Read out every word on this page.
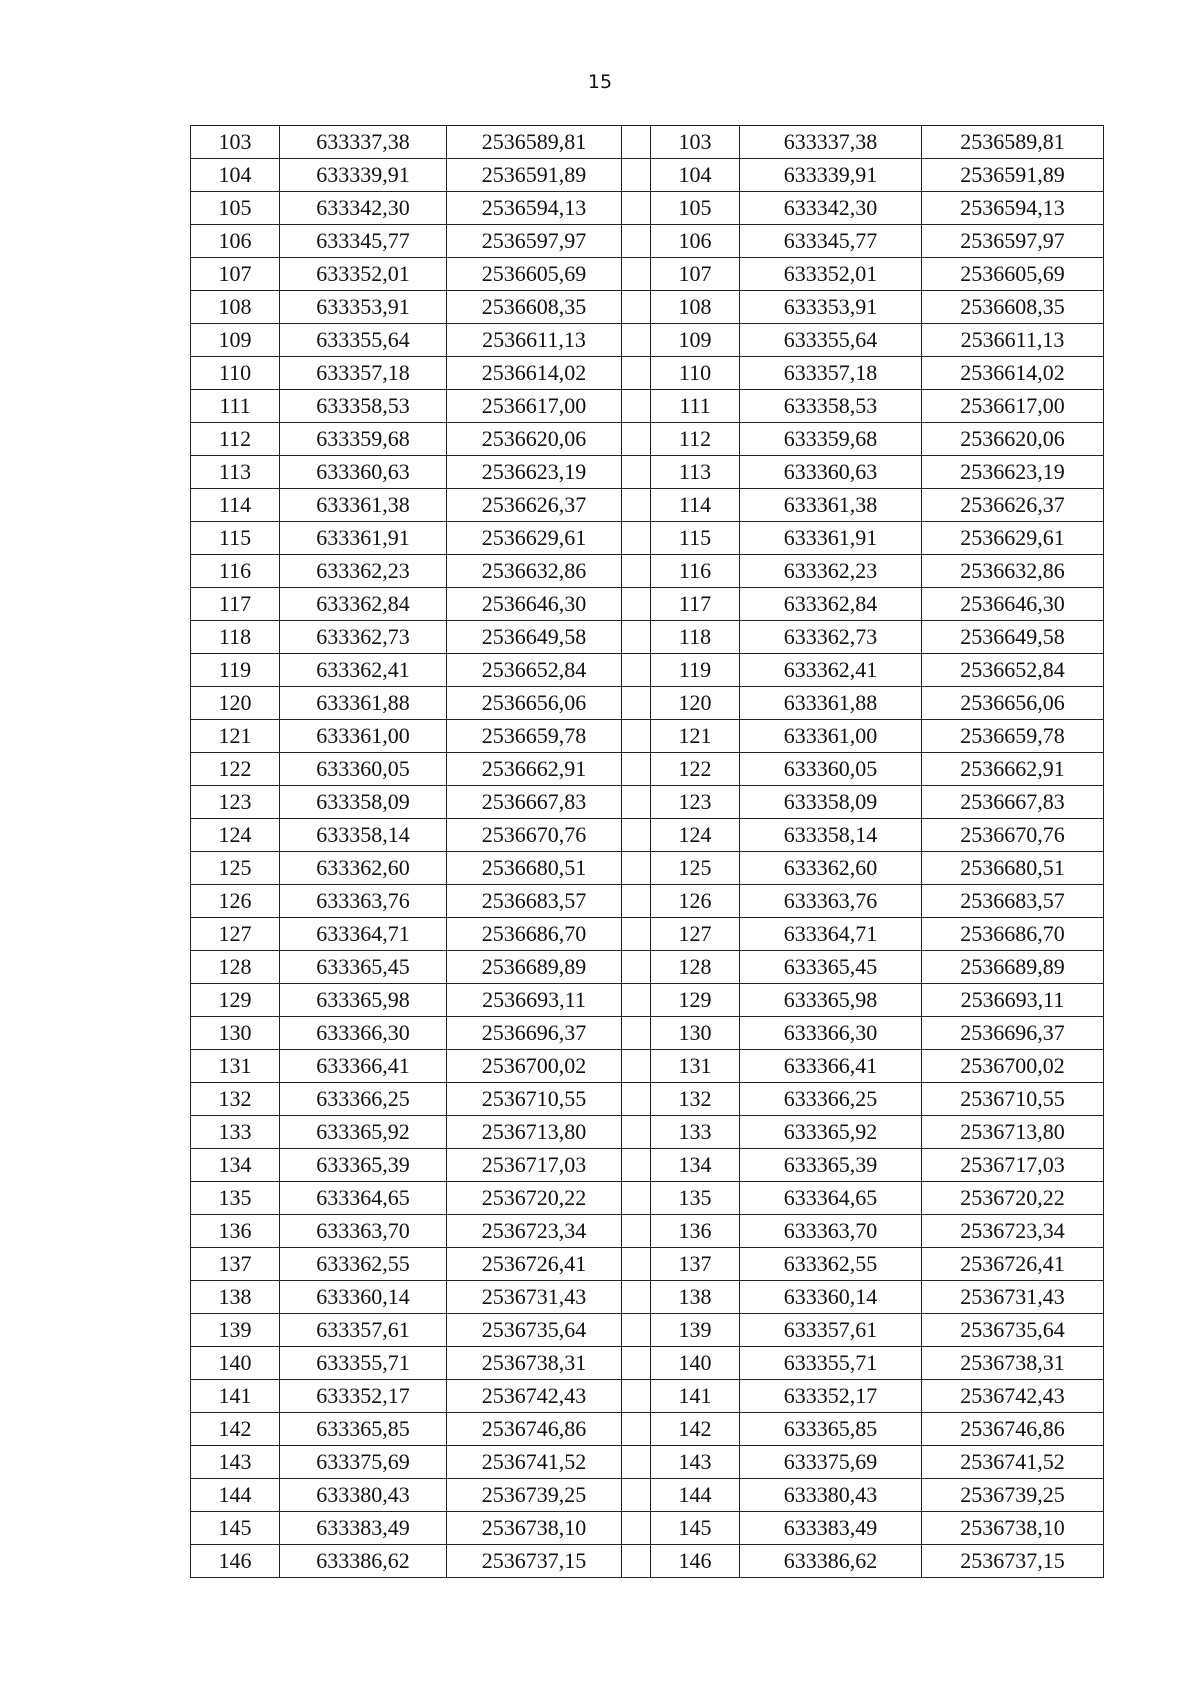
15
103	633337,38	2536589,81		103	633337,38	2536589,81
104	633339,91	2536591,89		104	633339,91	2536591,89
105	633342,30	2536594,13		105	633342,30	2536594,13
106	633345,77	2536597,97		106	633345,77	2536597,97
107	633352,01	2536605,69		107	633352,01	2536605,69
108	633353,91	2536608,35		108	633353,91	2536608,35
109	633355,64	2536611,13		109	633355,64	2536611,13
110	633357,18	2536614,02		110	633357,18	2536614,02
111	633358,53	2536617,00		111	633358,53	2536617,00
112	633359,68	2536620,06		112	633359,68	2536620,06
113	633360,63	2536623,19		113	633360,63	2536623,19
114	633361,38	2536626,37		114	633361,38	2536626,37
115	633361,91	2536629,61		115	633361,91	2536629,61
116	633362,23	2536632,86		116	633362,23	2536632,86
117	633362,84	2536646,30		117	633362,84	2536646,30
118	633362,73	2536649,58		118	633362,73	2536649,58
119	633362,41	2536652,84		119	633362,41	2536652,84
120	633361,88	2536656,06		120	633361,88	2536656,06
121	633361,00	2536659,78		121	633361,00	2536659,78
122	633360,05	2536662,91		122	633360,05	2536662,91
123	633358,09	2536667,83		123	633358,09	2536667,83
124	633358,14	2536670,76		124	633358,14	2536670,76
125	633362,60	2536680,51		125	633362,60	2536680,51
126	633363,76	2536683,57		126	633363,76	2536683,57
127	633364,71	2536686,70		127	633364,71	2536686,70
128	633365,45	2536689,89		128	633365,45	2536689,89
129	633365,98	2536693,11		129	633365,98	2536693,11
130	633366,30	2536696,37		130	633366,30	2536696,37
131	633366,41	2536700,02		131	633366,41	2536700,02
132	633366,25	2536710,55		132	633366,25	2536710,55
133	633365,92	2536713,80		133	633365,92	2536713,80
134	633365,39	2536717,03		134	633365,39	2536717,03
135	633364,65	2536720,22		135	633364,65	2536720,22
136	633363,70	2536723,34		136	633363,70	2536723,34
137	633362,55	2536726,41		137	633362,55	2536726,41
138	633360,14	2536731,43		138	633360,14	2536731,43
139	633357,61	2536735,64		139	633357,61	2536735,64
140	633355,71	2536738,31		140	633355,71	2536738,31
141	633352,17	2536742,43		141	633352,17	2536742,43
142	633365,85	2536746,86		142	633365,85	2536746,86
143	633375,69	2536741,52		143	633375,69	2536741,52
144	633380,43	2536739,25		144	633380,43	2536739,25
145	633383,49	2536738,10		145	633383,49	2536738,10
146	633386,62	2536737,15		146	633386,62	2536737,15
